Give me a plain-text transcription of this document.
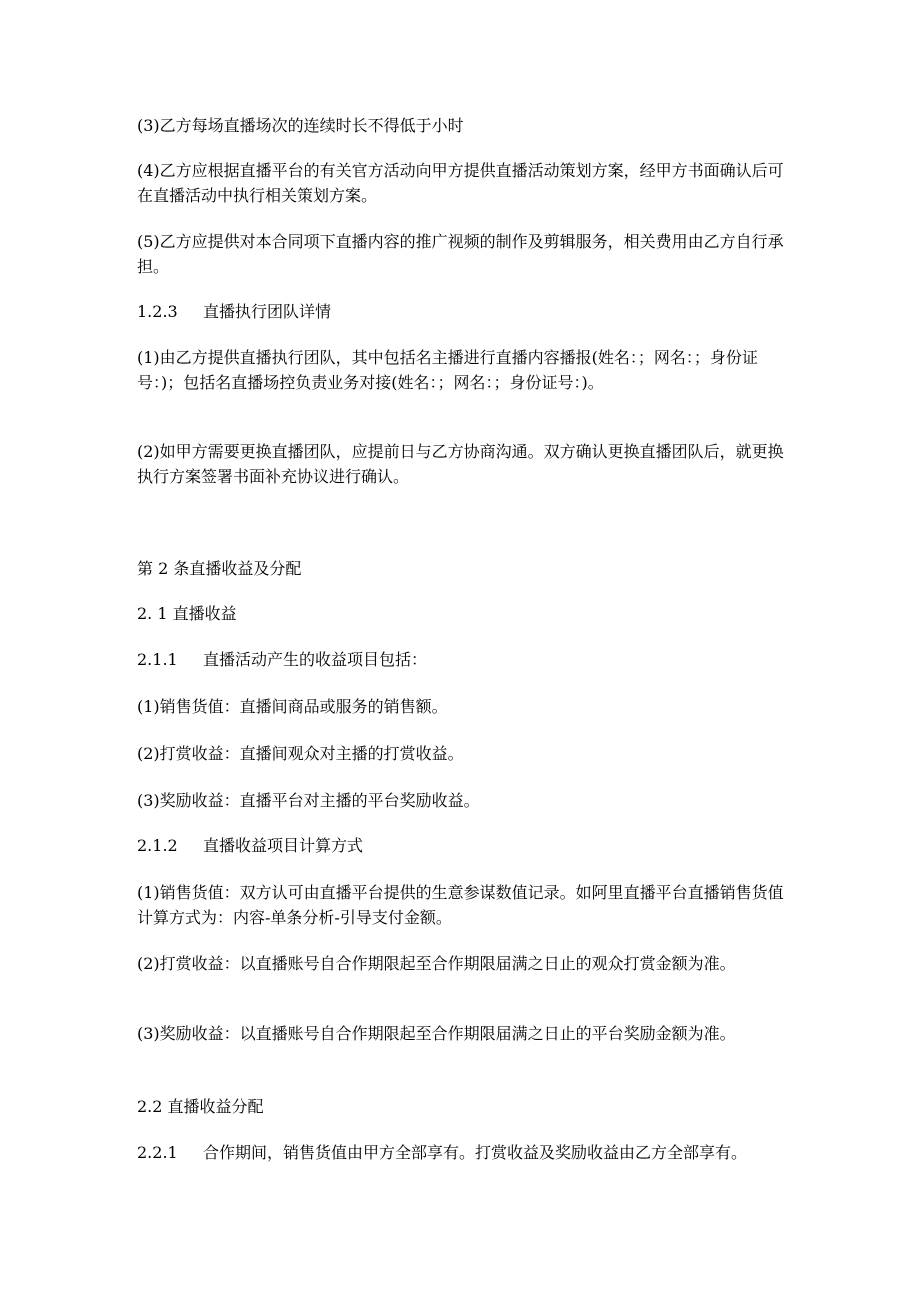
(3)乙方每场直播场次的连续时长不得低于小时
(4)乙方应根据直播平台的有关官方活动向甲方提供直播活动策划方案，经甲方书面确认后可在直播活动中执行相关策划方案。
(5)乙方应提供对本合同项下直播内容的推广视频的制作及剪辑服务，相关费用由乙方自行承担。
1.2.3 直播执行团队详情
(1)由乙方提供直播执行团队，其中包括名主播进行直播内容播报(姓名：；网名：；身份证号：)；包括名直播场控负责业务对接(姓名：；网名：；身份证号：)。
(2)如甲方需要更换直播团队，应提前日与乙方协商沟通。双方确认更换直播团队后，就更换执行方案签署书面补充协议进行确认。
第 2 条直播收益及分配
2. 1 直播收益
2.1.1 直播活动产生的收益项目包括：
(1)销售货值：直播间商品或服务的销售额。
(2)打赏收益：直播间观众对主播的打赏收益。
(3)奖励收益：直播平台对主播的平台奖励收益。
2.1.2 直播收益项目计算方式
(1)销售货值：双方认可由直播平台提供的生意参谋数值记录。如阿里直播平台直播销售货值计算方式为：内容-单条分析-引导支付金额。
(2)打赏收益：以直播账号自合作期限起至合作期限届满之日止的观众打赏金额为准。
(3)奖励收益：以直播账号自合作期限起至合作期限届满之日止的平台奖励金额为准。
2.2 直播收益分配
2.2.1 合作期间，销售货值由甲方全部享有。打赏收益及奖励收益由乙方全部享有。
